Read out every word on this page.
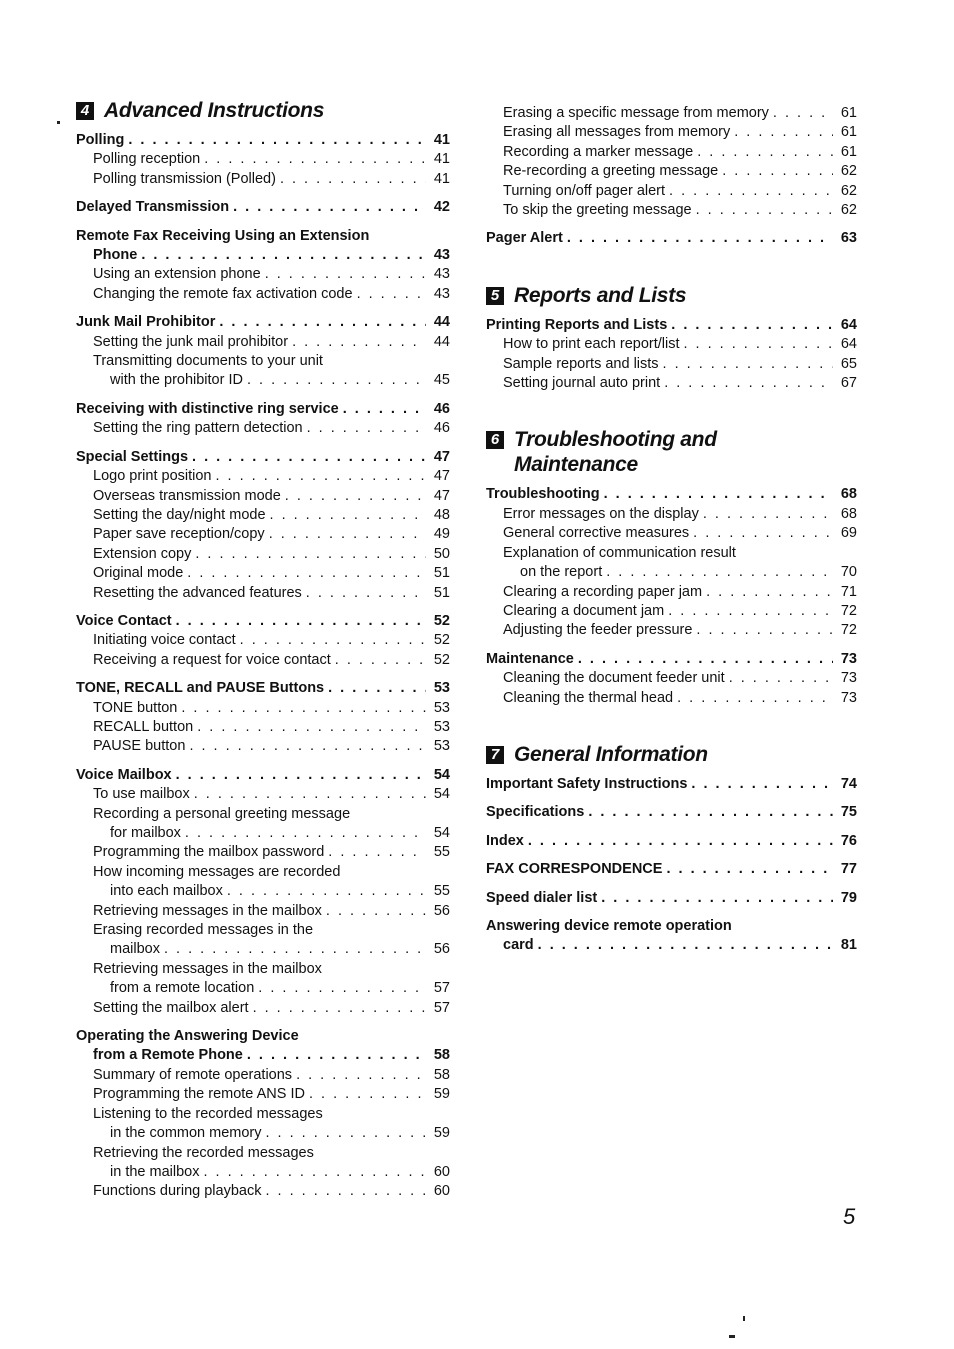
4 Advanced Instructions
Polling . . .	41
Polling reception . . .	41
Polling transmission (Polled) . . .	41
Delayed Transmission . . .	42
Remote Fax Receiving Using an Extension
Phone . . .	43
Using an extension phone . . .	43
Changing the remote fax activation code . . .	43
Junk Mail Prohibitor . . .	44
Setting the junk mail prohibitor . . .	44
Transmitting documents to your unit
with the prohibitor ID . . .	45
Receiving with distinctive ring service . . .	46
Setting the ring pattern detection . . .	46
Special Settings . . .	47
Logo print position . . .	47
Overseas transmission mode . . .	47
Setting the day/night mode . . .	48
Paper save reception/copy . . .	49
Extension copy . . .	50
Original mode . . .	51
Resetting the advanced features . . .	51
Voice Contact . . .	52
Initiating voice contact . . .	52
Receiving a request for voice contact . . .	52
TONE, RECALL and PAUSE Buttons . . .	53
TONE button . . .	53
RECALL button . . .	53
PAUSE button . . .	53
Voice Mailbox . . .	54
To use mailbox . . .	54
Recording a personal greeting message
for mailbox . . .	54
Programming the mailbox password . . .	55
How incoming messages are recorded
into each mailbox . . .	55
Retrieving messages in the mailbox . . .	56
Erasing recorded messages in the
mailbox . . .	56
Retrieving messages in the mailbox
from a remote location . . .	57
Setting the mailbox alert . . .	57
Operating the Answering Device
from a Remote Phone . . .	58
Summary of remote operations . . .	58
Programming the remote ANS ID . . .	59
Listening to the recorded messages
in the common memory . . .	59
Retrieving the recorded messages
in the mailbox . . .	60
Functions during playback . . .	60
Erasing a specific message from memory . . .	61
Erasing all messages from memory . . .	61
Recording a marker message . . .	61
Re-recording a greeting message . . .	62
Turning on/off pager alert . . .	62
To skip the greeting message . . .	62
Pager Alert . . .	63
5 Reports and Lists
Printing Reports and Lists . . .	64
How to print each report/list . . .	64
Sample reports and lists . . .	65
Setting journal auto print . . .	67
6 Troubleshooting and
Maintenance
Troubleshooting . . .	68
Error messages on the display . . .	68
General corrective measures . . .	69
Explanation of communication result
on the report . . .	70
Clearing a recording paper jam . . .	71
Clearing a document jam . . .	72
Adjusting the feeder pressure . . .	72
Maintenance . . .	73
Cleaning the document feeder unit . . .	73
Cleaning the thermal head . . .	73
7 General Information
Important Safety Instructions . . .	74
Specifications . . .	75
Index . . .	76
FAX CORRESPONDENCE . . .	77
Speed dialer list . . .	79
Answering device remote operation
card . . .	81
5
